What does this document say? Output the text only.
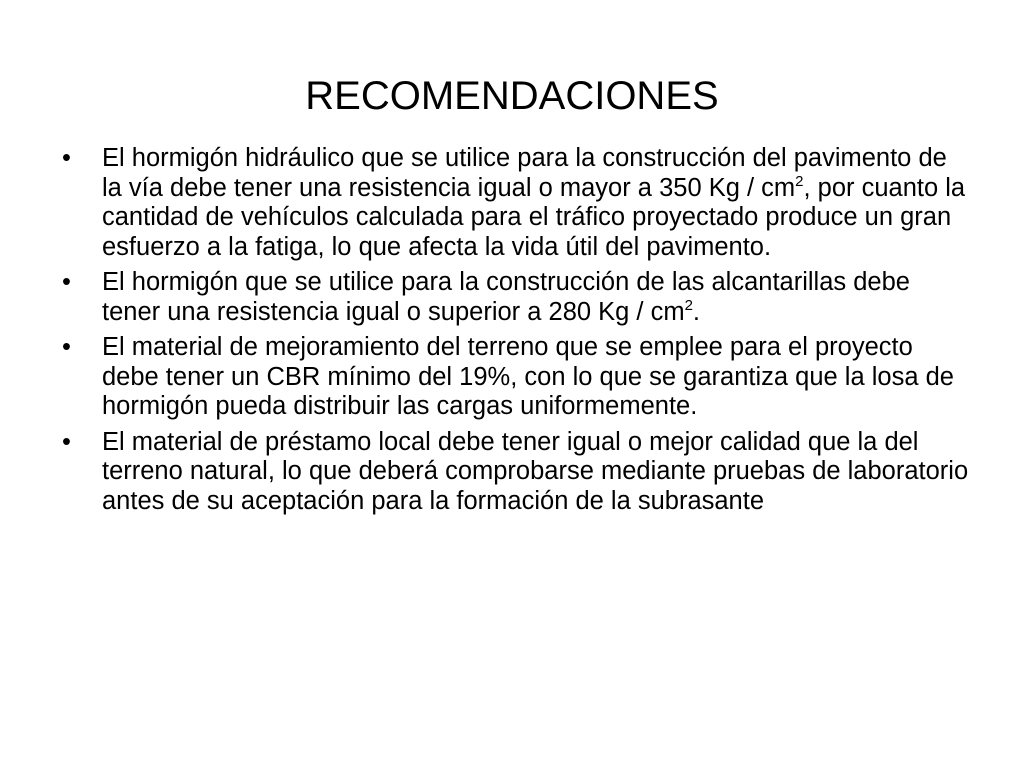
RECOMENDACIONES
•	El hormigón hidráulico que se utilice para la construcción del pavimento de la vía debe tener una resistencia igual o mayor a 350 Kg / $cm^2$, por cuanto la cantidad de vehículos calculada para el tráfico proyectado produce un gran esfuerzo a la fatiga, lo que afecta la vida útil del pavimento.
•	El hormigón que se utilice para la construcción de las alcantarillas debe tener una resistencia igual o superior a 280 Kg / $cm^2$.
•	El material de mejoramiento del terreno que se emplee para el proyecto debe tener un CBR mínimo del 19%, con lo que se garantiza que la losa de hormigón pueda distribuir las cargas uniformemente.
•	El material de préstamo local debe tener igual o mejor calidad que la del terreno natural, lo que deberá comprobarse mediante pruebas de laboratorio antes de su aceptación para la formación de la subrasante
